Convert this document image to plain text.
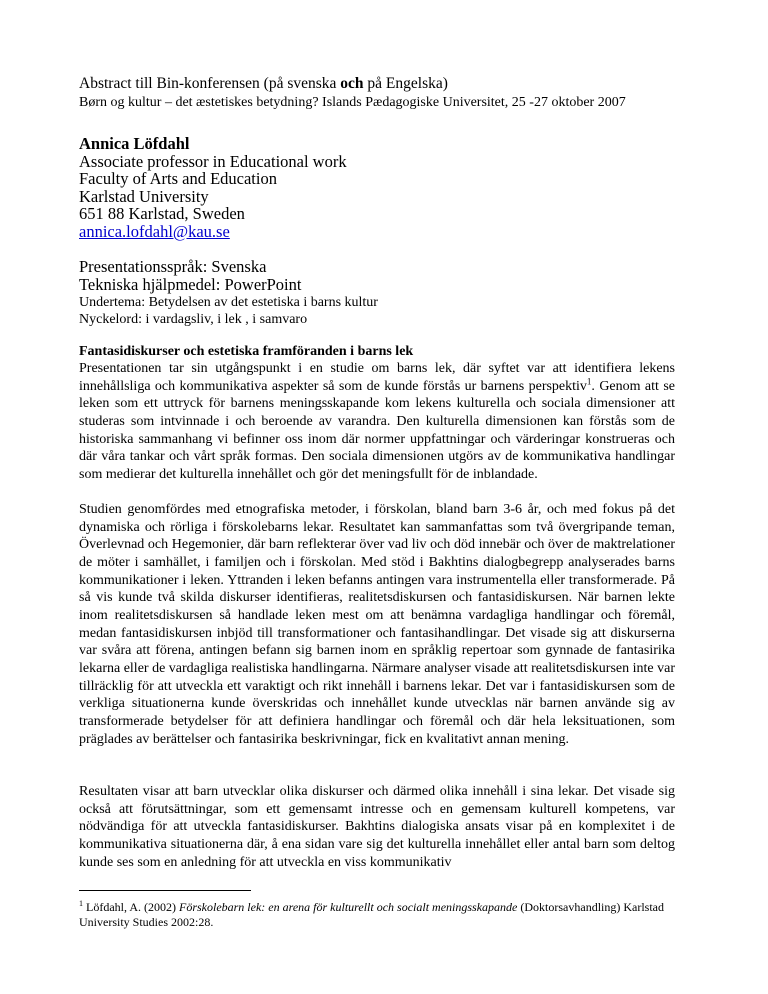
Abstract till Bin-konferensen (på svenska och på Engelska)
Børn og kultur – det æstetiskes betydning? Islands Pædagogiske Universitet, 25 -27 oktober 2007
Annica Löfdahl
Associate professor in Educational work
Faculty of Arts and Education
Karlstad University
651 88 Karlstad, Sweden
annica.lofdahl@kau.se
Presentationsspråk: Svenska
Tekniska hjälpmedel: PowerPoint
Undertema: Betydelsen av det estetiska i barns kultur
Nyckelord: i vardagsliv, i lek , i samvaro
Fantasidiskurser och estetiska framföranden i barns lek

Presentationen tar sin utgångspunkt i en studie om barns lek, där syftet var att identifiera lekens innehållsliga och kommunikativa aspekter så som de kunde förstås ur barnens perspektiv$^1$. Genom att se leken som ett uttryck för barnens meningsskapande kom lekens kulturella och sociala dimensioner att studeras som intvinnade i och beroende av varandra. Den kulturella dimensionen kan förstås som de historiska sammanhang vi befinner oss inom där normer uppfattningar och värderingar konstrueras och där våra tankar och vårt språk formas. Den sociala dimensionen utgörs av de kommunikativa handlingar som medierar det kulturella innehållet och gör det meningsfullt för de inblandade.

Studien genomfördes med etnografiska metoder, i förskolan, bland barn 3-6 år, och med fokus på det dynamiska och rörliga i förskolebarns lekar. Resultatet kan sammanfattas som två övergripande teman, Överlevnad och Hegemonier, där barn reflekterar över vad liv och död innebär och över de maktrelationer de möter i samhället, i familjen och i förskolan. Med stöd i Bakhtins dialogbegrepp analyserades barns kommunikationer i leken. Yttranden i leken befanns antingen vara instrumentella eller transformerade. På så vis kunde två skilda diskurser identifieras, realitetsdiskursen och fantasidiskursen. När barnen lekte inom realitetsdiskursen så handlade leken mest om att benämna vardagliga handlingar och föremål, medan fantasidiskursen inbjöd till transformationer och fantasihandlingar. Det visade sig att diskurserna var svåra att förena, antingen befann sig barnen inom en språklig repertoar som gynnade de fantasirika lekarna eller de vardagliga realistiska handlingarna. Närmare analyser visade att realitetsdiskursen inte var tillräcklig för att utveckla ett varaktigt och rikt innehåll i barnens lekar. Det var i fantasidiskursen som de verkliga situationerna kunde överskridas och innehållet kunde utvecklas när barnen använde sig av transformerade betydelser för att definiera handlingar och föremål och där hela leksituationen, som präglades av berättelser och fantasirika beskrivningar, fick en kvalitativt annan mening.

Resultaten visar att barn utvecklar olika diskurser och därmed olika innehåll i sina lekar. Det visade sig också att förutsättningar, som ett gemensamt intresse och en gemensam kulturell kompetens, var nödvändiga för att utveckla fantasidiskurser. Bakhtins dialogiska ansats visar på en komplexitet i de kommunikativa situationerna där, å ena sidan vare sig det kulturella innehållet eller antal barn som deltog kunde ses som en anledning för att utveckla en viss kommunikativ

$^1$ Löfdahl, A. (2002) Förskolebarn lek: en arena för kulturellt och socialt meningsskapande (Doktorsavhandling) Karlstad University Studies 2002:28.
